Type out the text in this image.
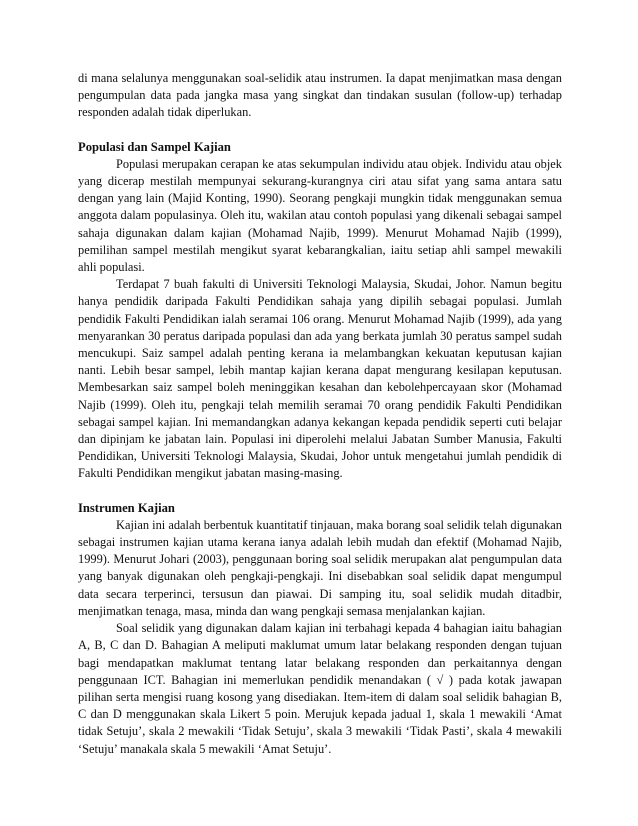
di mana selalunya menggunakan soal-selidik atau instrumen. Ia dapat menjimatkan masa dengan pengumpulan data pada jangka masa yang singkat dan tindakan susulan (follow-up) terhadap responden adalah tidak diperlukan.

Populasi dan Sampel Kajian

Populasi merupakan cerapan ke atas sekumpulan individu atau objek. Individu atau objek yang dicerap mestilah mempunyai sekurang-kurangnya ciri atau sifat yang sama antara satu dengan yang lain (Majid Konting, 1990). Seorang pengkaji mungkin tidak menggunakan semua anggota dalam populasinya. Oleh itu, wakilan atau contoh populasi yang dikenali sebagai sampel sahaja digunakan dalam kajian (Mohamad Najib, 1999). Menurut Mohamad Najib (1999), pemilihan sampel mestilah mengikut syarat kebarangkalian, iaitu setiap ahli sampel mewakili ahli populasi.

Terdapat 7 buah fakulti di Universiti Teknologi Malaysia, Skudai, Johor. Namun begitu hanya pendidik daripada Fakulti Pendidikan sahaja yang dipilih sebagai populasi. Jumlah pendidik Fakulti Pendidikan ialah seramai 106 orang. Menurut Mohamad Najib (1999), ada yang menyarankan 30 peratus daripada populasi dan ada yang berkata jumlah 30 peratus sampel sudah mencukupi. Saiz sampel adalah penting kerana ia melambangkan kekuatan keputusan kajian nanti. Lebih besar sampel, lebih mantap kajian kerana dapat mengurang kesilapan keputusan. Membesarkan saiz sampel boleh meninggikan kesahan dan kebolehpercayaan skor (Mohamad Najib (1999). Oleh itu, pengkaji telah memilih seramai 70 orang pendidik Fakulti Pendidikan sebagai sampel kajian. Ini memandangkan adanya kekangan kepada pendidik seperti cuti belajar dan dipinjam ke jabatan lain. Populasi ini diperolehi melalui Jabatan Sumber Manusia, Fakulti Pendidikan, Universiti Teknologi Malaysia, Skudai, Johor untuk mengetahui jumlah pendidik di Fakulti Pendidikan mengikut jabatan masing-masing.

Instrumen Kajian

Kajian ini adalah berbentuk kuantitatif tinjauan, maka borang soal selidik telah digunakan sebagai instrumen kajian utama kerana ianya adalah lebih mudah dan efektif (Mohamad Najib, 1999). Menurut Johari (2003), penggunaan boring soal selidik merupakan alat pengumpulan data yang banyak digunakan oleh pengkaji-pengkaji. Ini disebabkan soal selidik dapat mengumpul data secara terperinci, tersusun dan piawai. Di samping itu, soal selidik mudah ditadbir, menjimatkan tenaga, masa, minda dan wang pengkaji semasa menjalankan kajian.

Soal selidik yang digunakan dalam kajian ini terbahagi kepada 4 bahagian iaitu bahagian A, B, C dan D. Bahagian A meliputi maklumat umum latar belakang responden dengan tujuan bagi mendapatkan maklumat tentang latar belakang responden dan perkaitannya dengan penggunaan ICT. Bahagian ini memerlukan pendidik menandakan ( √ ) pada kotak jawapan pilihan serta mengisi ruang kosong yang disediakan. Item-item di dalam soal selidik bahagian B, C dan D menggunakan skala Likert 5 poin. Merujuk kepada jadual 1, skala 1 mewakili ‘Amat tidak Setuju’, skala 2 mewakili ‘Tidak Setuju’, skala 3 mewakili ‘Tidak Pasti’, skala 4 mewakili ‘Setuju’ manakala skala 5 mewakili ‘Amat Setuju’.
